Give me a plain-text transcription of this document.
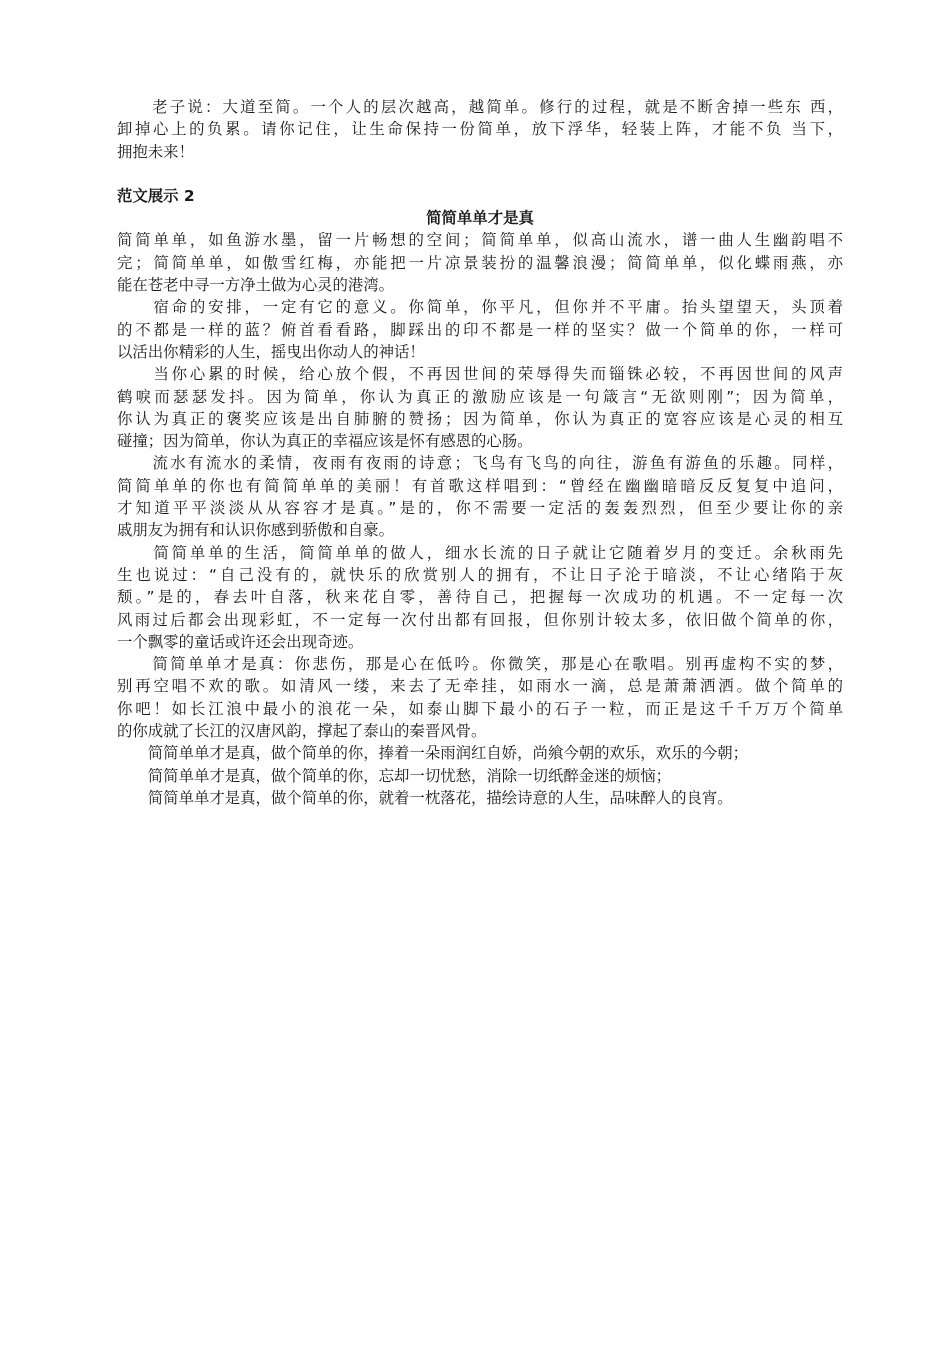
　　老子说：大道至简。一个人的层次越高，越简单。修行的过程，就是不断舍掉一些东 西，
卸掉心上的负累。请你记住，让生命保持一份简单，放下浮华，轻装上阵，才能不负 当下，
拥抱未来！
范文展示 2
简简单单才是真
简简单单，如鱼游水墨，留一片畅想的空间；简简单单，似高山流水，谱一曲人生幽韵唱不
完；简简单单，如傲雪红梅，亦能把一片凉景装扮的温馨浪漫；简简单单，似化蝶雨燕，亦
能在苍老中寻一方净土做为心灵的港湾。
　　宿命的安排，一定有它的意义。你简单，你平凡，但你并不平庸。抬头望望天，头顶着
的不都是一样的蓝？俯首看看路，脚踩出的印不都是一样的坚实？做一个简单的你，一样可
以活出你精彩的人生，摇曳出你动人的神话！
　　当你心累的时候，给心放个假，不再因世间的荣辱得失而锱铢必较，不再因世间的风声
鹤唳而瑟瑟发抖。因为简单，你认为真正的激励应该是一句箴言“无欲则刚”；因为简单，
你认为真正的褒奖应该是出自肺腑的赞扬；因为简单，你认为真正的宽容应该是心灵的相互
碰撞；因为简单，你认为真正的幸福应该是怀有感恩的心肠。
　　流水有流水的柔情，夜雨有夜雨的诗意；飞鸟有飞鸟的向往，游鱼有游鱼的乐趣。同样，
简简单单的你也有简简单单的美丽！有首歌这样唱到：“曾经在幽幽暗暗反反复复中追问，
才知道平平淡淡从从容容才是真。”是的，你不需要一定活的轰轰烈烈，但至少要让你的亲
戚朋友为拥有和认识你感到骄傲和自豪。
　　简简单单的生活，简简单单的做人，细水长流的日子就让它随着岁月的变迁。余秋雨先
生也说过：“自己没有的，就快乐的欣赏别人的拥有，不让日子沦于暗淡，不让心绪陷于灰
颓。”是的，春去叶自落，秋来花自零，善待自己，把握每一次成功的机遇。不一定每一次
风雨过后都会出现彩虹，不一定每一次付出都有回报，但你别计较太多，依旧做个简单的你，
一个飘零的童话或许还会出现奇迹。
　　简简单单才是真：你悲伤，那是心在低吟。你微笑，那是心在歌唱。别再虚构不实的梦，
别再空唱不欢的歌。如清风一缕，来去了无牵挂，如雨水一滴，总是萧萧洒洒。做个简单的
你吧！如长江浪中最小的浪花一朵，如泰山脚下最小的石子一粒，而正是这千千万万个简单
的你成就了长江的汉唐风韵，撑起了泰山的秦晋风骨。
　　简简单单才是真，做个简单的你，捧着一朵雨润红自娇，尚飨今朝的欢乐，欢乐的今朝；
　　简简单单才是真，做个简单的你，忘却一切忧愁，消除一切纸醉金迷的烦恼；
　　简简单单才是真，做个简单的你，就着一枕落花，描绘诗意的人生，品味醉人的良宵。
